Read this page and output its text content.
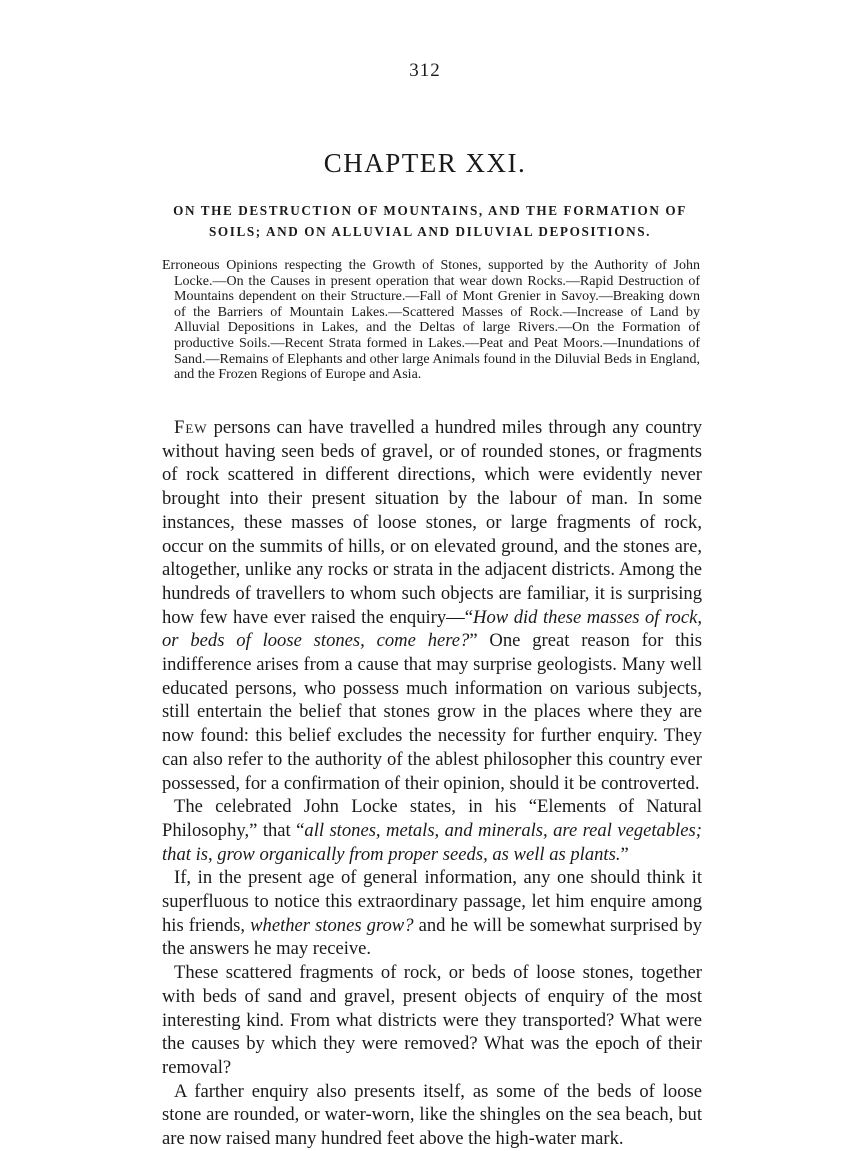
312
CHAPTER XXI.
ON THE DESTRUCTION OF MOUNTAINS, AND THE FORMATION OF SOILS; AND ON ALLUVIAL AND DILUVIAL DEPOSITIONS.

Erroneous Opinions respecting the Growth of Stones, supported by the Authority of John Locke.—On the Causes in present operation that wear down Rocks.—Rapid Destruction of Mountains dependent on their Structure.—Fall of Mont Grenier in Savoy.—Breaking down of the Barriers of Mountain Lakes.—Scattered Masses of Rock.—Increase of Land by Alluvial Depositions in Lakes, and the Deltas of large Rivers.—On the Formation of productive Soils.—Recent Strata formed in Lakes.—Peat and Peat Moors.—Inundations of Sand.—Remains of Elephants and other large Animals found in the Diluvial Beds in England, and the Frozen Regions of Europe and Asia.

Few persons can have travelled a hundred miles through any country without having seen beds of gravel, or of rounded stones, or fragments of rock scattered in different directions, which were evidently never brought into their present situation by the labour of man. In some instances, these masses of loose stones, or large fragments of rock, occur on the summits of hills, or on elevated ground, and the stones are, altogether, unlike any rocks or strata in the adjacent districts. Among the hundreds of travellers to whom such objects are familiar, it is surprising how few have ever raised the enquiry—“How did these masses of rock, or beds of loose stones, come here?” One great reason for this indifference arises from a cause that may surprise geologists. Many well educated persons, who possess much information on various subjects, still entertain the belief that stones grow in the places where they are now found: this belief excludes the necessity for further enquiry. They can also refer to the authority of the ablest philosopher this country ever possessed, for a confirmation of their opinion, should it be controverted.

The celebrated John Locke states, in his “Elements of Natural Philosophy,” that “all stones, metals, and minerals, are real vegetables; that is, grow organically from proper seeds, as well as plants.”

If, in the present age of general information, any one should think it superfluous to notice this extraordinary passage, let him enquire among his friends, whether stones grow? and he will be somewhat surprised by the answers he may receive.

These scattered fragments of rock, or beds of loose stones, together with beds of sand and gravel, present objects of enquiry of the most interesting kind. From what districts were they transported? What were the causes by which they were removed? What was the epoch of their removal?

A farther enquiry also presents itself, as some of the beds of loose stone are rounded, or water-worn, like the shingles on the sea beach, but are now raised many hundred feet above the high-water mark.
